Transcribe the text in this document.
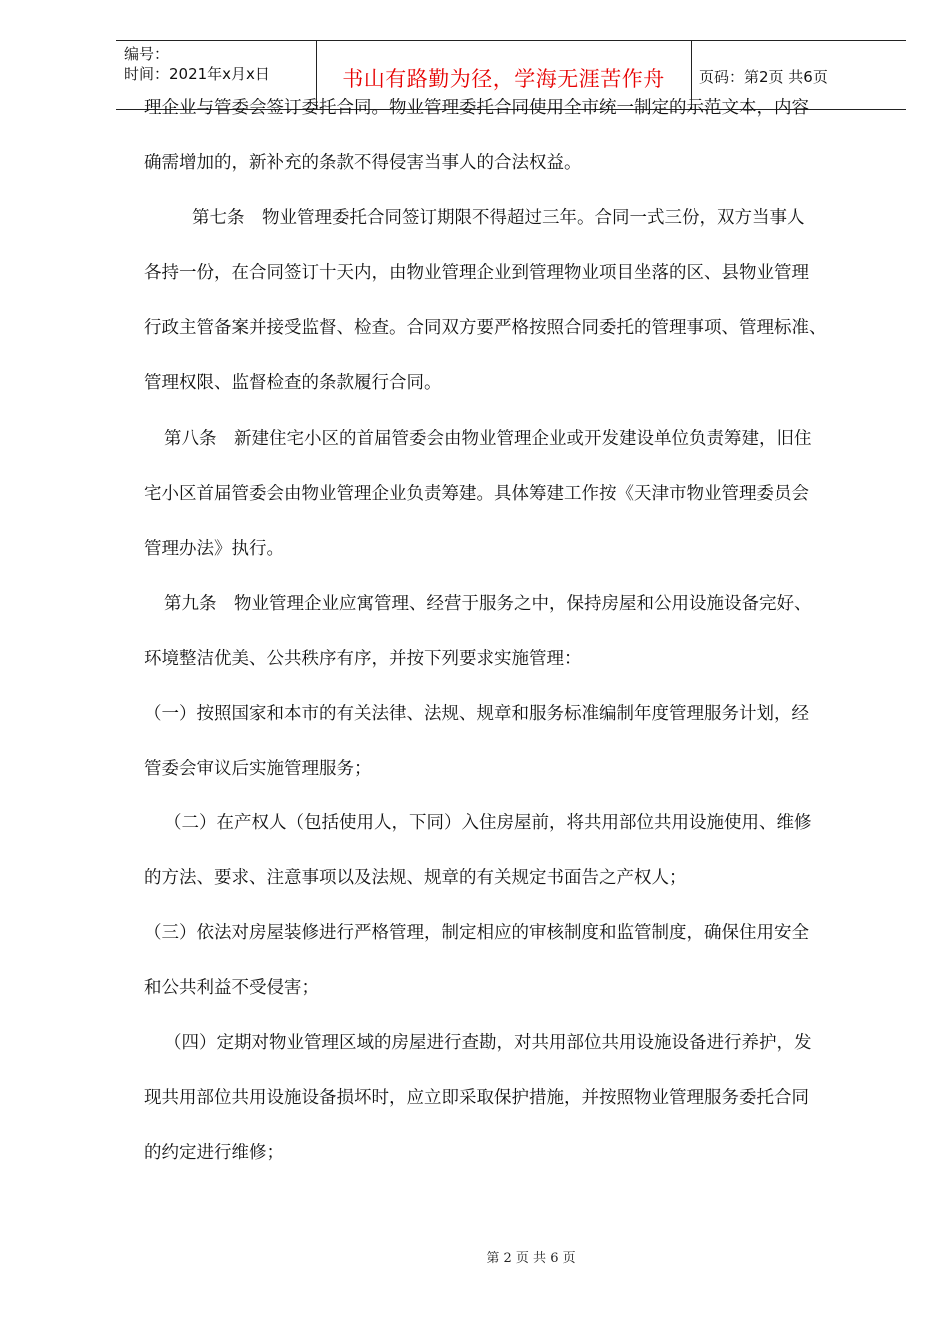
编号：
时间：2021年x月x日	书山有路勤为径，学海无涯苦作舟	页码：第2页 共6页
理企业与管委会签订委托合同。物业管理委托合同使用全市统一制定的示范文本，内容
确需增加的，新补充的条款不得侵害当事人的合法权益。
第七条　物业管理委托合同签订期限不得超过三年。合同一式三份，双方当事人
各持一份，在合同签订十天内，由物业管理企业到管理物业项目坐落的区、县物业管理
行政主管备案并接受监督、检查。合同双方要严格按照合同委托的管理事项、管理标准、
管理权限、监督检查的条款履行合同。
第八条　新建住宅小区的首届管委会由物业管理企业或开发建设单位负责筹建，旧住
宅小区首届管委会由物业管理企业负责筹建。具体筹建工作按《天津市物业管理委员会
管理办法》执行。
第九条　物业管理企业应寓管理、经营于服务之中，保持房屋和公用设施设备完好、
环境整洁优美、公共秩序有序，并按下列要求实施管理：
（一）按照国家和本市的有关法律、法规、规章和服务标准编制年度管理服务计划，经
管委会审议后实施管理服务；
（二）在产权人（包括使用人，下同）入住房屋前，将共用部位共用设施使用、维修
的方法、要求、注意事项以及法规、规章的有关规定书面告之产权人；
（三）依法对房屋装修进行严格管理，制定相应的审核制度和监管制度，确保住用安全
和公共利益不受侵害；
（四）定期对物业管理区域的房屋进行查勘，对共用部位共用设施设备进行养护，发
现共用部位共用设施设备损坏时，应立即采取保护措施，并按照物业管理服务委托合同
的约定进行维修；
第 2 页 共 6 页
